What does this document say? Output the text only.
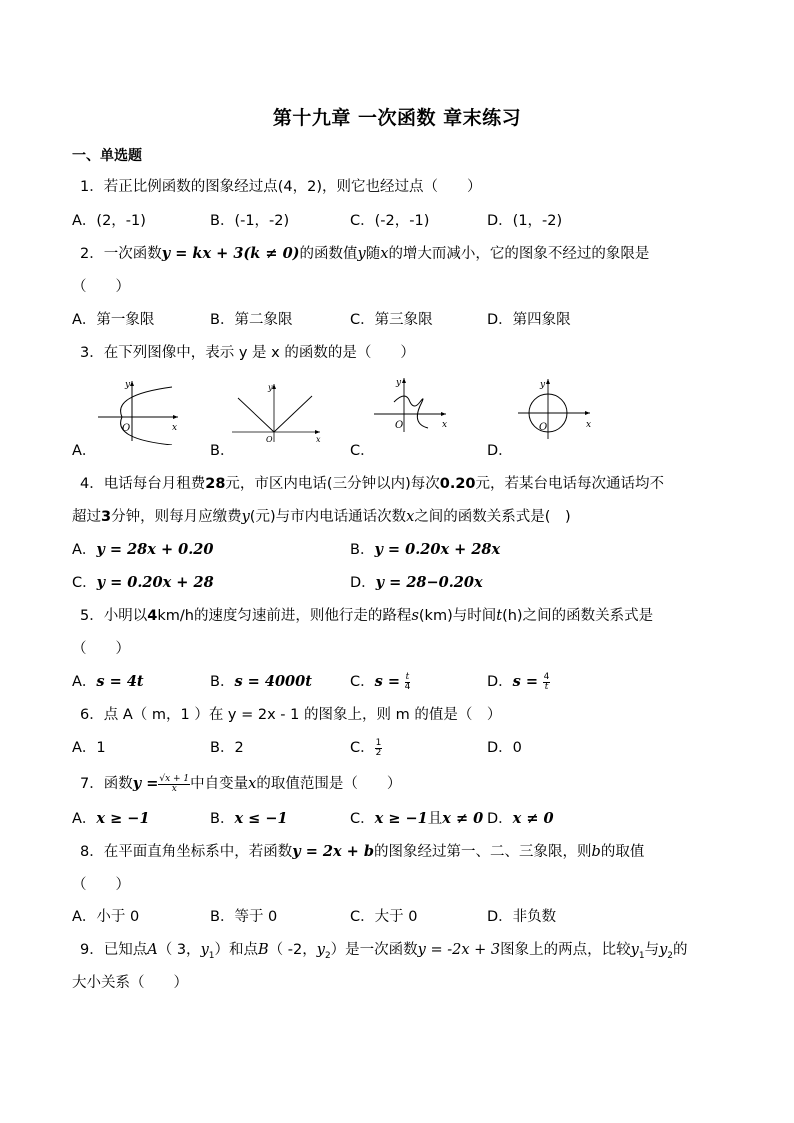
第十九章 一次函数 章末练习
一、单选题
1．若正比例函数的图象经过点(4，2)，则它也经过点（　　）
A．(2，-1)	B．(-1，-2)	C．(-2，-1)	D．(1，-2)
2．一次函数y = kx + 3(k ≠ 0)的函数值y随x的增大而减小，它的图象不经过的象限是
（　　）
A．第一象限	B．第二象限	C．第三象限	D．第四象限
3．在下列图像中，表示 y 是 x 的函数的是（　　）
y
x
O
A．
y
x
O
B．
y
x
O
C．
y
x
O
D．
4．电话每台月租费28元，市区内电话(三分钟以内)每次0.20元，若某台电话每次通话均不
超过3分钟，则每月应缴费y(元)与市内电话通话次数x之间的函数关系式是(　)
A．y = 28x + 0.20	B．y = 0.20x + 28x
C．y = 0.20x + 28	D．y = 28−0.20x
5．小明以4km/h的速度匀速前进，则他行走的路程s(km)与时间t(h)之间的函数关系式是
（　　）
A．s = 4t	B．s = 4000t	C．$s = \frac{t}{4}$	D．$s = \frac{4}{t}$
6．点 A（ m，1 ）在 y = 2x - 1 的图象上，则 m 的值是（　）
A．1	B．2	C． $\frac{1}{2}$	D．0
7．函数$y = \frac{√x + 1}{x}$ 中自变量x的取值范围是（　　）
A．x ≥ −1	B．x ≤ −1	C．x ≥ −1且x ≠ 0 D．x ≠ 0
8．在平面直角坐标系中，若函数y = 2x + b的图象经过第一、二、三象限，则b的取值
（　　）
A．小于 0	B．等于 0	C．大于 0	D．非负数
9．已知点A（ 3，$y_1$）和点B（ -2，$y_2$）是一次函数y = -2x + 3图象上的两点，比较$y_1$与$y_2$的
大小关系（　　）
